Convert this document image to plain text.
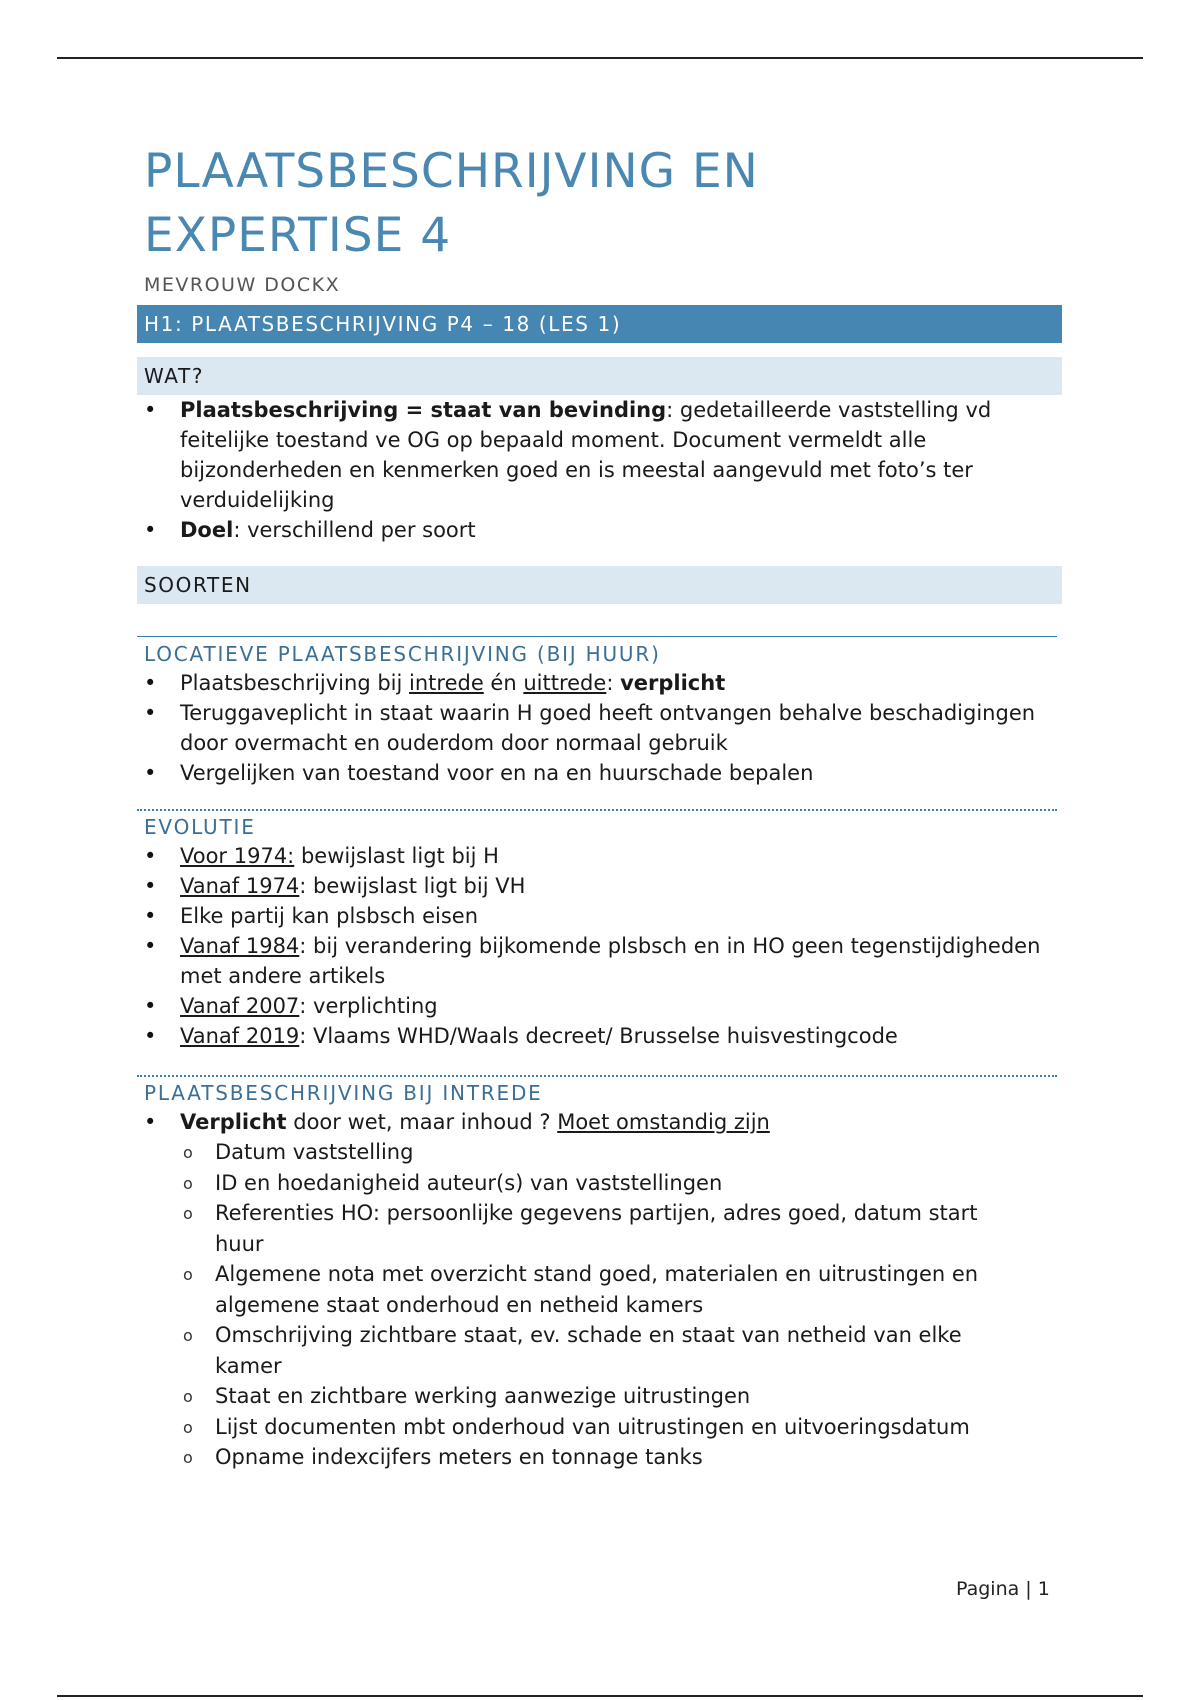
PLAATSBESCHRIJVING EN
EXPERTISE 4
MEVROUW DOCKX
H1: PLAATSBESCHRIJVING P4 – 18 (LES 1)
WAT?
• Plaatsbeschrijving = staat van bevinding: gedetailleerde vaststelling vd feitelijke toestand ve OG op bepaald moment. Document vermeldt alle bijzonderheden en kenmerken goed en is meestal aangevuld met foto’s ter verduidelijking
• Doel: verschillend per soort
SOORTEN
LOCATIEVE PLAATSBESCHRIJVING (BIJ HUUR)
• Plaatsbeschrijving bij intrede én uittrede: verplicht
• Teruggaveplicht in staat waarin H goed heeft ontvangen behalve beschadigingen door overmacht en ouderdom door normaal gebruik
• Vergelijken van toestand voor en na en huurschade bepalen
EVOLUTIE
• Voor 1974: bewijslast ligt bij H
• Vanaf 1974: bewijslast ligt bij VH
• Elke partij kan plsbsch eisen
• Vanaf 1984: bij verandering bijkomende plsbsch en in HO geen tegenstijdigheden met andere artikels
• Vanaf 2007: verplichting
• Vanaf 2019: Vlaams WHD/Waals decreet/ Brusselse huisvestingcode
PLAATSBESCHRIJVING BIJ INTREDE
• Verplicht door wet, maar inhoud ? Moet omstandig zijn
o Datum vaststelling
o ID en hoedanigheid auteur(s) van vaststellingen
o Referenties HO: persoonlijke gegevens partijen, adres goed, datum start huur
o Algemene nota met overzicht stand goed, materialen en uitrustingen en algemene staat onderhoud en netheid kamers
o Omschrijving zichtbare staat, ev. schade en staat van netheid van elke kamer
o Staat en zichtbare werking aanwezige uitrustingen
o Lijst documenten mbt onderhoud van uitrustingen en uitvoeringsdatum
o Opname indexcijfers meters en tonnage tanks
Pagina | 1
